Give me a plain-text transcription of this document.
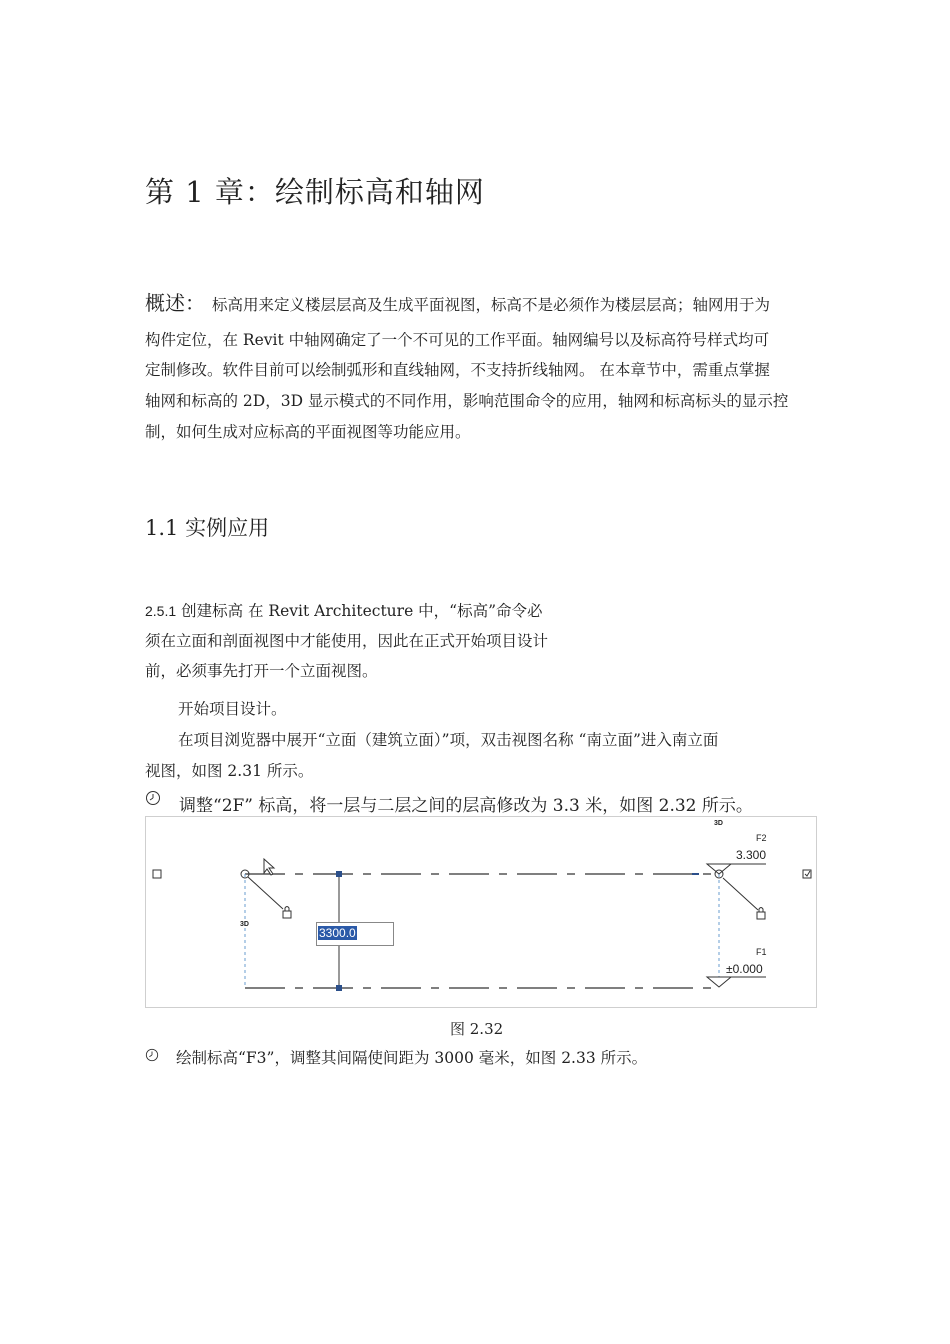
第 1 章：绘制标高和轴网
概述： 标高用来定义楼层层高及生成平面视图，标高不是必须作为楼层层高；轴网用于为
构件定位，在 Revit 中轴网确定了一个不可见的工作平面。轴网编号以及标高符号样式均可
定制修改。软件目前可以绘制弧形和直线轴网，不支持折线轴网。 在本章节中，需重点掌握
轴网和标高的 2D，3D 显示模式的不同作用，影响范围命令的应用，轴网和标高标头的显示控
制，如何生成对应标高的平面视图等功能应用。
1.1 实例应用
2.5.1 创建标高 在 Revit Architecture 中，“标高”命令必
须在立面和剖面视图中才能使用，因此在正式开始项目设计
前，必须事先打开一个立面视图。
开始项目设计。
在项目浏览器中展开“立面（建筑立面）”项，双击视图名称 “南立面”进入南立面
视图，如图 2.31 所示。
调整“2F” 标高，将一层与二层之间的层高修改为 3.3 米，如图 2.32 所示。
3D
3D
F2
3.300
F1
±0.000
3300.0
图 2.32
绘制标高“F3”，调整其间隔使间距为 3000 毫米，如图 2.33 所示。
